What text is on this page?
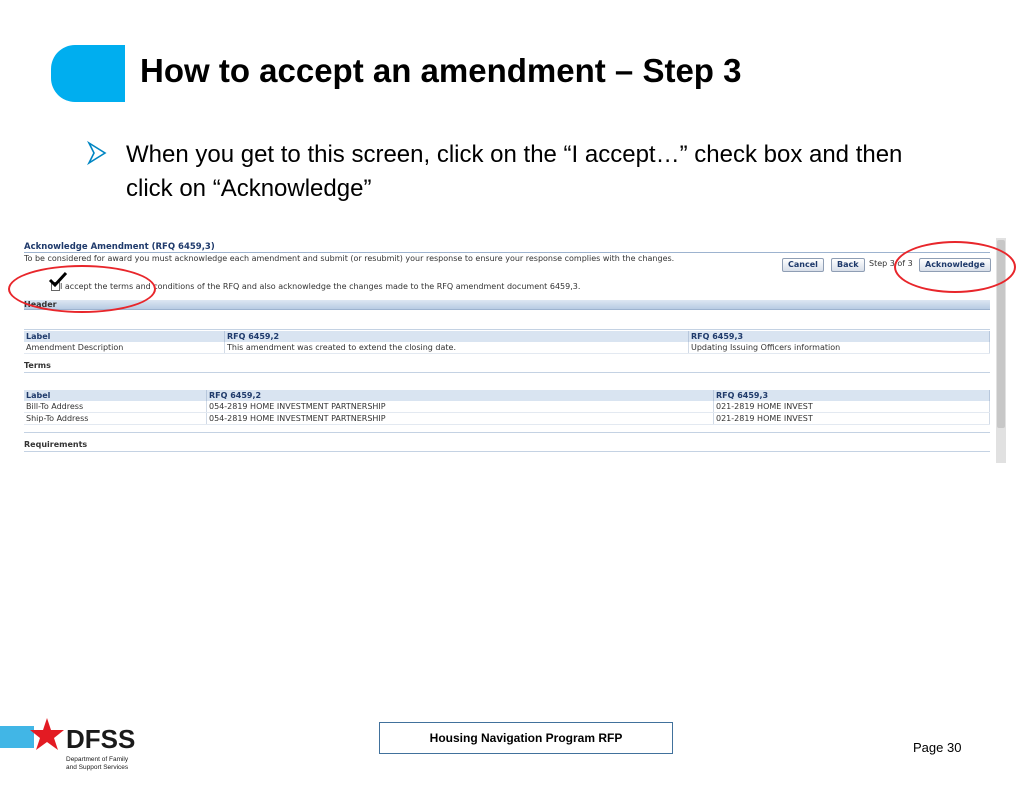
How to accept an amendment – Step 3
When you get to this screen, click on the “I accept…” check box and then click on “Acknowledge”
Acknowledge Amendment (RFQ 6459,3)
To be considered for award you must acknowledge each amendment and submit (or resubmit) your response to ensure your response complies with the changes.
Cancel	Back	Step 3 of 3	Acknowledge
I accept the terms and conditions of the RFQ and also acknowledge the changes made to the RFQ amendment document 6459,3.
Header
Label	RFQ 6459,2	RFQ 6459,3
Amendment Description	This amendment was created to extend the closing date.	Updating Issuing Officers information
Terms
Label	RFQ 6459,2	RFQ 6459,3
Bill-To Address	054-2819 HOME INVESTMENT PARTNERSHIP	021-2819 HOME INVEST
Ship-To Address	054-2819 HOME INVESTMENT PARTNERSHIP	021-2819 HOME INVEST
Requirements
DFSS
Department of Family
and Support Services
Housing Navigation Program RFP
Page 30
